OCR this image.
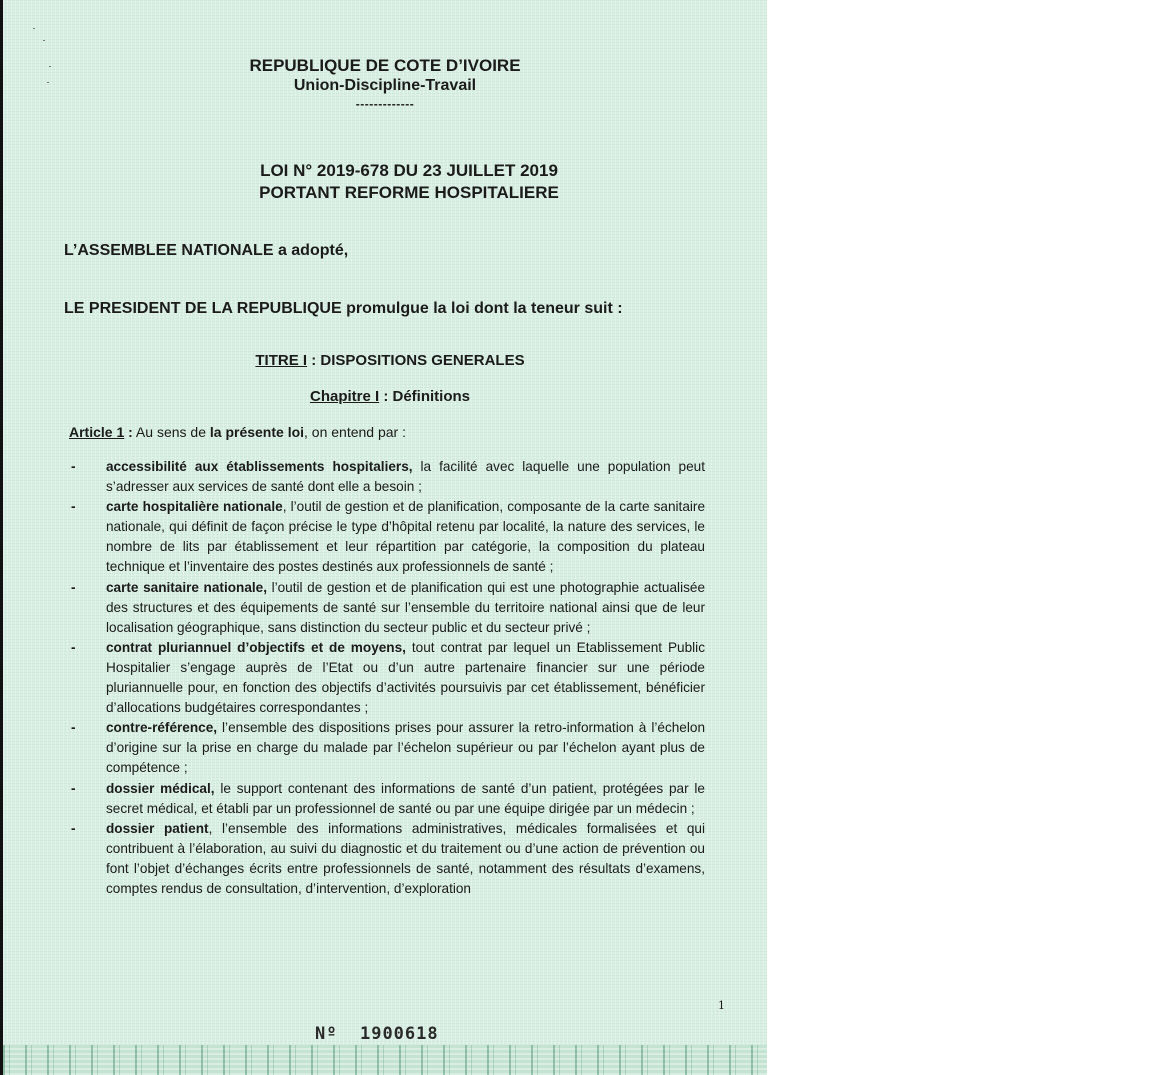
REPUBLIQUE DE COTE D’IVOIRE
Union-Discipline-Travail
-------------
LOI N° 2019-678 DU 23 JUILLET 2019
PORTANT REFORME HOSPITALIERE
L’ASSEMBLEE NATIONALE a adopté,
LE PRESIDENT DE LA REPUBLIQUE promulgue la loi dont la teneur suit :
TITRE I : DISPOSITIONS GENERALES
Chapitre I : Définitions
Article 1 : Au sens de la présente loi, on entend par :
- accessibilité aux établissements hospitaliers, la facilité avec laquelle une population peut s’adresser aux services de santé dont elle a besoin ;
- carte hospitalière nationale, l’outil de gestion et de planification, composante de la carte sanitaire nationale, qui définit de façon précise le type d’hôpital retenu par localité, la nature des services, le nombre de lits par établissement et leur répartition par catégorie, la composition du plateau technique et l’inventaire des postes destinés aux professionnels de santé ;
- carte sanitaire nationale, l’outil de gestion et de planification qui est une photographie actualisée des structures et des équipements de santé sur l’ensemble du territoire national ainsi que de leur localisation géographique, sans distinction du secteur public et du secteur privé ;
- contrat pluriannuel d’objectifs et de moyens, tout contrat par lequel un Etablissement Public Hospitalier s’engage auprès de l’Etat ou d’un autre partenaire financier sur une période pluriannuelle pour, en fonction des objectifs d’activités poursuivis par cet établissement, bénéficier d’allocations budgétaires correspondantes ;
- contre-référence, l’ensemble des dispositions prises pour assurer la retro-information à l’échelon d’origine sur la prise en charge du malade par l’échelon supérieur ou par l’échelon ayant plus de compétence ;
- dossier médical, le support contenant des informations de santé d’un patient, protégées par le secret médical, et établi par un professionnel de santé ou par une équipe dirigée par un médecin ;
- dossier patient, l’ensemble des informations administratives, médicales formalisées et qui contribuent à l’élaboration, au suivi du diagnostic et du traitement ou d’une action de prévention ou font l’objet d’échanges écrits entre professionnels de santé, notamment des résultats d’examens, comptes rendus de consultation, d’intervention, d’exploration
1
Nº 1900618
